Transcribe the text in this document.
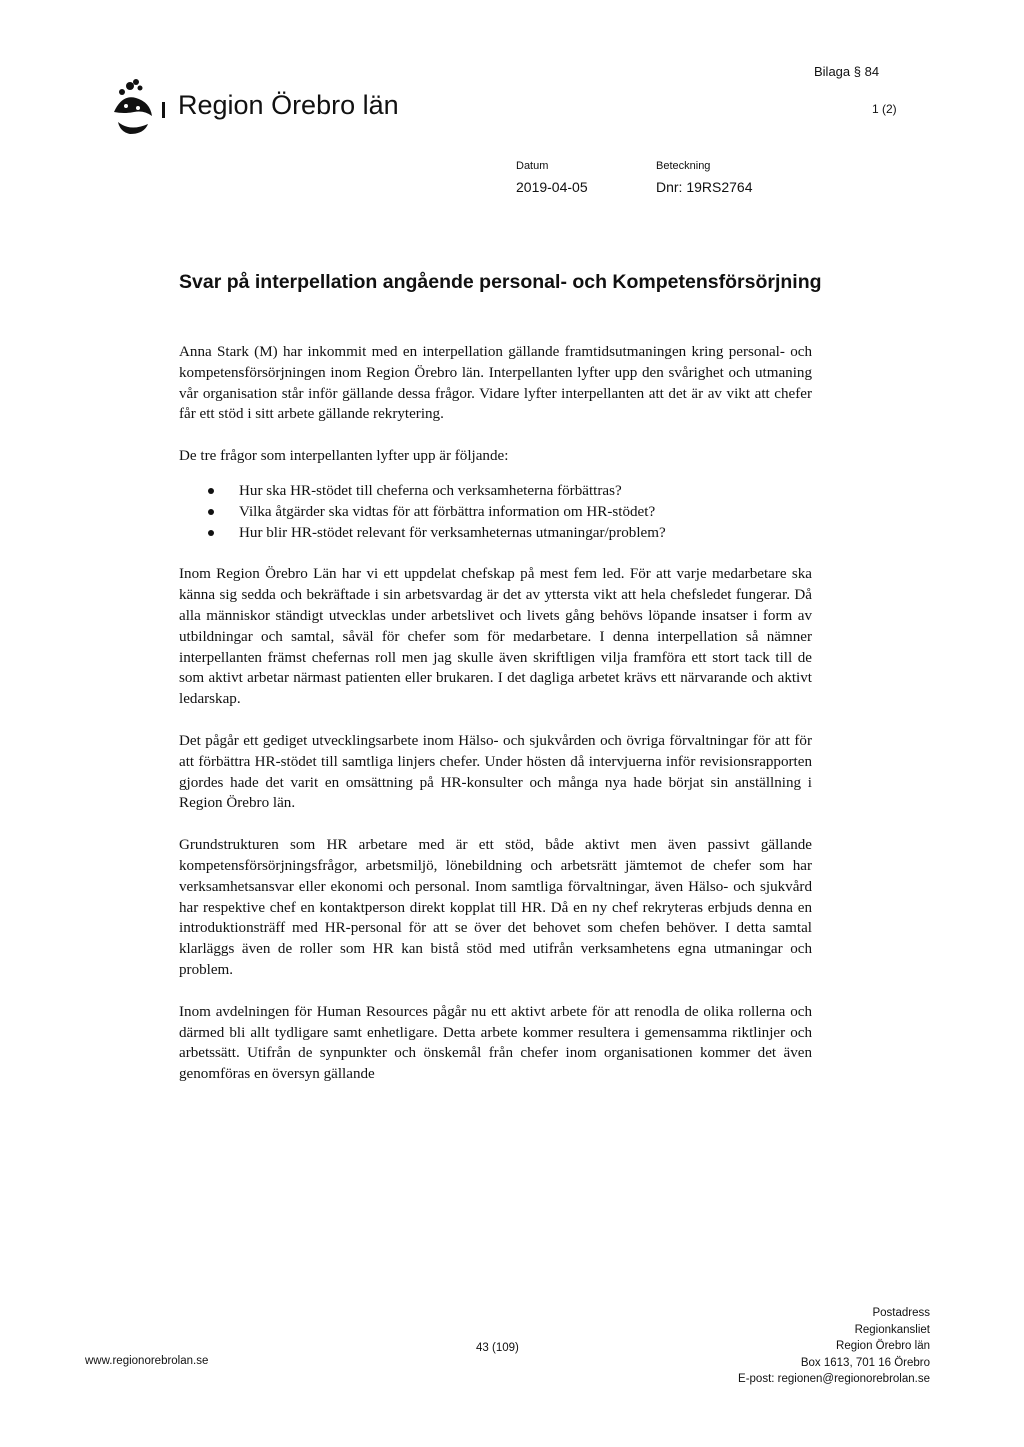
Region Örebro län
Bilaga § 84
1 (2)
Datum
2019-04-05
Beteckning
Dnr: 19RS2764
Svar på interpellation angående personal- och Kompetensförsörjning

Anna Stark (M) har inkommit med en interpellation gällande framtidsutmaningen kring personal- och kompetensförsörjningen inom Region Örebro län. Interpellanten lyfter upp den svårighet och utmaning vår organisation står inför gällande dessa frågor. Vidare lyfter interpellanten att det är av vikt att chefer får ett stöd i sitt arbete gällande rekrytering.

De tre frågor som interpellanten lyfter upp är följande:

Hur ska HR-stödet till cheferna och verksamheterna förbättras?
Vilka åtgärder ska vidtas för att förbättra information om HR-stödet?
Hur blir HR-stödet relevant för verksamheternas utmaningar/problem?

Inom Region Örebro Län har vi ett uppdelat chefskap på mest fem led. För att varje medarbetare ska känna sig sedda och bekräftade i sin arbetsvardag är det av yttersta vikt att hela chefsledet fungerar. Då alla människor ständigt utvecklas under arbetslivet och livets gång behövs löpande insatser i form av utbildningar och samtal, såväl för chefer som för medarbetare. I denna interpellation så nämner interpellanten främst chefernas roll men jag skulle även skriftligen vilja framföra ett stort tack till de som aktivt arbetar närmast patienten eller brukaren. I det dagliga arbetet krävs ett närvarande och aktivt ledarskap.

Det pågår ett gediget utvecklingsarbete inom Hälso- och sjukvården och övriga förvaltningar för att för att förbättra HR-stödet till samtliga linjers chefer. Under hösten då intervjuerna inför revisionsrapporten gjordes hade det varit en omsättning på HR-konsulter och många nya hade börjat sin anställning i Region Örebro län.

Grundstrukturen som HR arbetare med är ett stöd, både aktivt men även passivt gällande kompetensförsörjningsfrågor, arbetsmiljö, lönebildning och arbetsrätt jämtemot de chefer som har verksamhetsansvar eller ekonomi och personal. Inom samtliga förvaltningar, även Hälso- och sjukvård har respektive chef en kontaktperson direkt kopplat till HR. Då en ny chef rekryteras erbjuds denna en introduktionsträff med HR-personal för att se över det behovet som chefen behöver. I detta samtal klarläggs även de roller som HR kan bistå stöd med utifrån verksamhetens egna utmaningar och problem.

Inom avdelningen för Human Resources pågår nu ett aktivt arbete för att renodla de olika rollerna och därmed bli allt tydligare samt enhetligare. Detta arbete kommer resultera i gemensamma riktlinjer och arbetssätt. Utifrån de synpunkter och önskemål från chefer inom organisationen kommer det även genomföras en översyn gällande

www.regionorebrolan.se
43 (109)
Postadress
Regionkansliet
Region Örebro län
Box 1613, 701 16 Örebro
E-post: regionen@regionorebrolan.se
